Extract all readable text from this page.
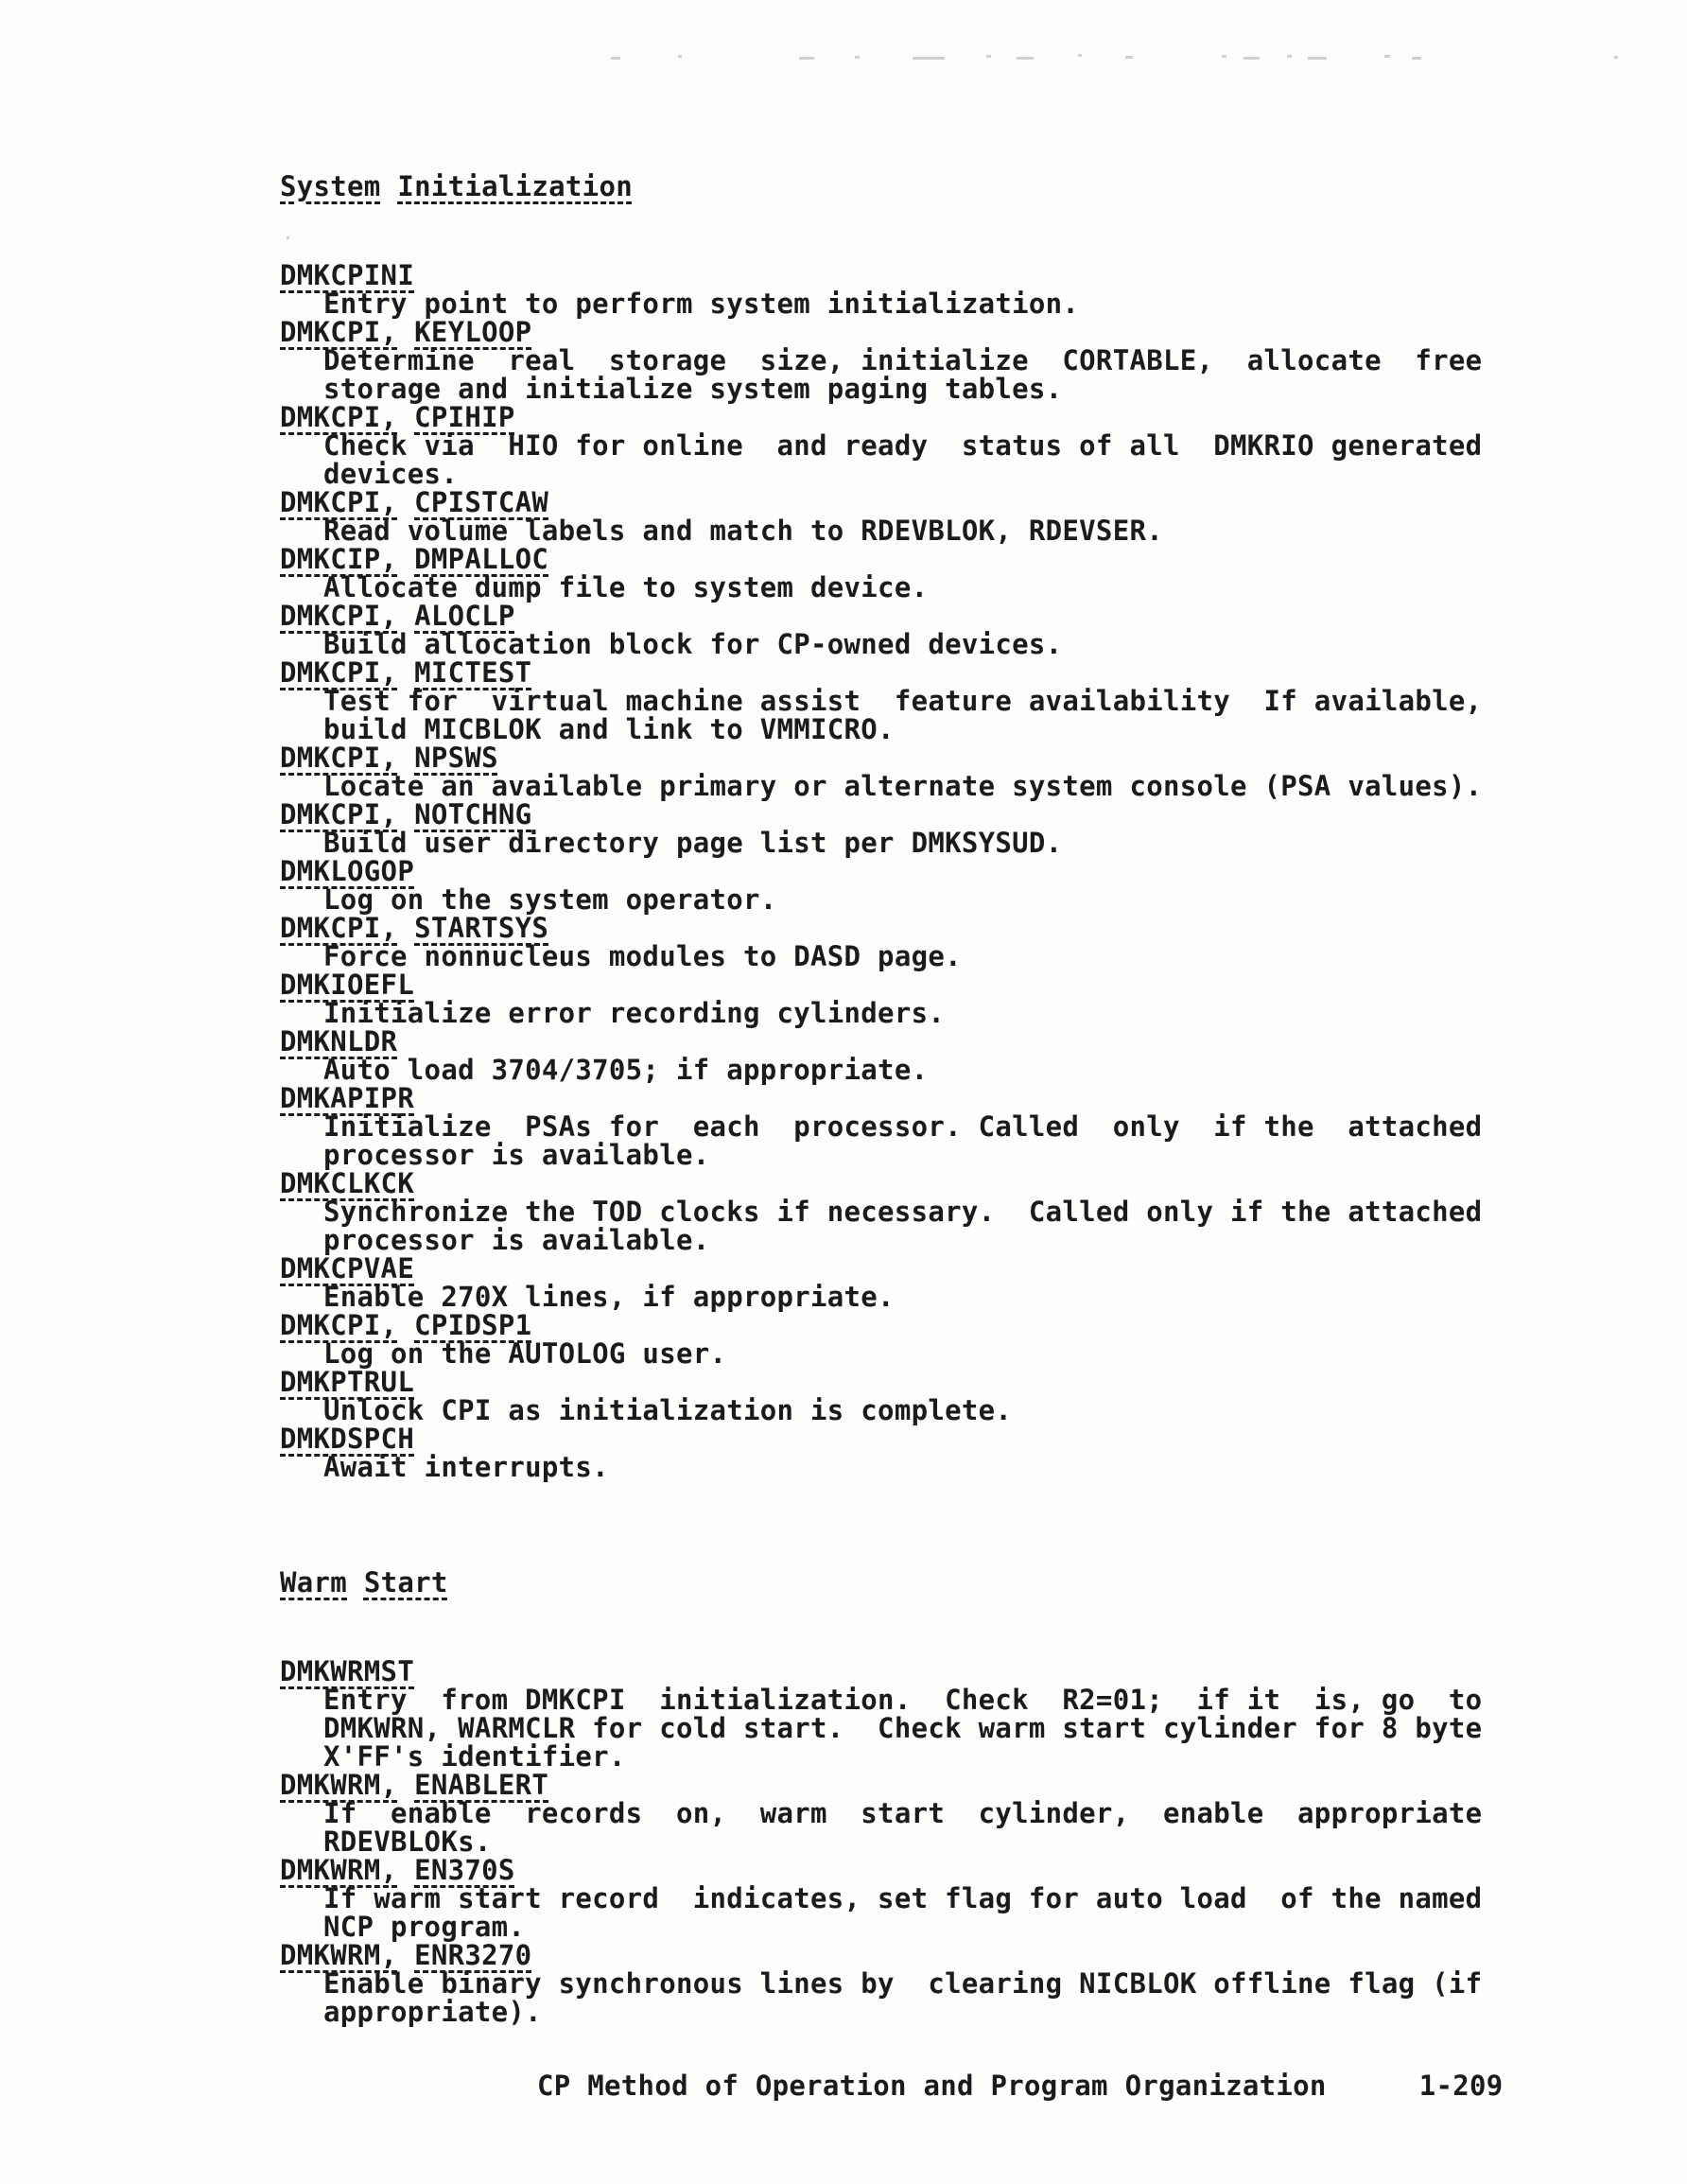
System Initialization
DMKCPINI
Entry point to perform system initialization.
DMKCPI, KEYLOOP
Determine  real  storage  size, initialize  CORTABLE,  allocate  free
storage and initialize system paging tables.
DMKCPI, CPIHIP
Check via  HIO for online  and ready  status of all  DMKRIO generated
devices.
DMKCPI, CPISTCAW
Read volume labels and match to RDEVBLOK, RDEVSER.
DMKCIP, DMPALLOC
Allocate dump file to system device.
DMKCPI, ALOCLP
Build allocation block for CP-owned devices.
DMKCPI, MICTEST
Test for  virtual machine assist  feature availability  If available,
build MICBLOK and link to VMMICRO.
DMKCPI, NPSWS
Locate an available primary or alternate system console (PSA values).
DMKCPI, NOTCHNG
Build user directory page list per DMKSYSUD.
DMKLOGOP
Log on the system operator.
DMKCPI, STARTSYS
Force nonnucleus modules to DASD page.
DMKIOEFL
Initialize error recording cylinders.
DMKNLDR
Auto load 3704/3705; if appropriate.
DMKAPIPR
Initialize  PSAs for  each  processor. Called  only  if the  attached
processor is available.
DMKCLKCK
Synchronize the TOD clocks if necessary.  Called only if the attached
processor is available.
DMKCPVAE
Enable 270X lines, if appropriate.
DMKCPI, CPIDSP1
Log on the AUTOLOG user.
DMKPTRUL
Unlock CPI as initialization is complete.
DMKDSPCH
Await interrupts.
Warm Start
DMKWRMST
Entry  from DMKCPI  initialization.  Check  R2=01;  if it  is, go  to
DMKWRN, WARMCLR for cold start.  Check warm start cylinder for 8 byte
X'FF's identifier.
DMKWRM, ENABLERT
If  enable  records  on,  warm  start  cylinder,  enable  appropriate
RDEVBLOKs.
DMKWRM, EN370S
If warm start record  indicates, set flag for auto load  of the named
NCP program.
DMKWRM, ENR3270
Enable binary synchronous lines by  clearing NICBLOK offline flag (if
appropriate).
CP Method of Operation and Program Organization	1-209
